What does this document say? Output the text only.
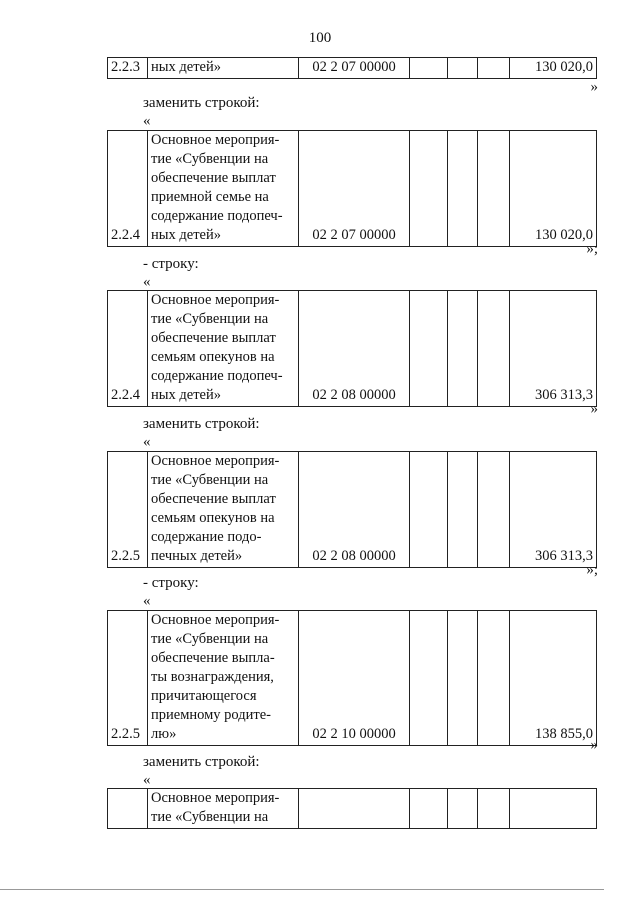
100
2.2.3	ных детей»	02 2 07 00000				130 020,0
»
заменить строкой:
«
2.2.4	Основное мероприя-
тие «Субвенции на
обеспечение выплат
приемной семье на
содержание подопеч-
ных детей»	02 2 07 00000				130 020,0
»;
- строку:
«
2.2.4	Основное мероприя-
тие «Субвенции на
обеспечение выплат
семьям опекунов на
содержание подопеч-
ных детей»	02 2 08 00000				306 313,3
»
заменить строкой:
«
2.2.5	Основное мероприя-
тие «Субвенции на
обеспечение выплат
семьям опекунов на
содержание подо-
печных детей»	02 2 08 00000				306 313,3
»;
- строку:
«
2.2.5	Основное мероприя-
тие «Субвенции на
обеспечение выпла-
ты вознаграждения,
причитающегося
приемному родите-
лю»	02 2 10 00000				138 855,0
»
заменить строкой:
«
	Основное мероприя-
тие «Субвенции на					
